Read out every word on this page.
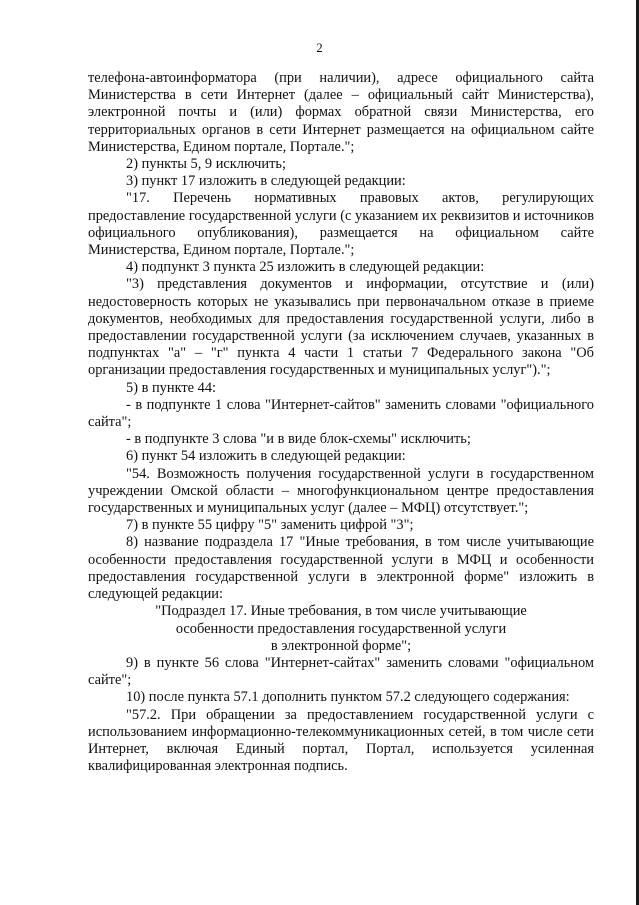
2

телефона-автоинформатора (при наличии), адресе официального сайта Министерства в сети Интернет (далее – официальный сайт Министерства), электронной почты и (или) формах обратной связи Министерства, его территориальных органов в сети Интернет размещается на официальном сайте Министерства, Едином портале, Портале.";

2) пункты 5, 9 исключить;

3) пункт 17 изложить в следующей редакции:

"17. Перечень нормативных правовых актов, регулирующих предоставление государственной услуги (с указанием их реквизитов и источников официального опубликования), размещается на официальном сайте Министерства, Едином портале, Портале.";

4) подпункт 3 пункта 25 изложить в следующей редакции:

"3) представления документов и информации, отсутствие и (или) недостоверность которых не указывались при первоначальном отказе в приеме документов, необходимых для предоставления государственной услуги, либо в предоставлении государственной услуги (за исключением случаев, указанных в подпунктах "а" – "г" пункта 4 части 1 статьи 7 Федерального закона "Об организации предоставления государственных и муниципальных услуг").";

5) в пункте 44:

- в подпункте 1 слова "Интернет-сайтов" заменить словами "официального сайта";

- в подпункте 3 слова "и в виде блок-схемы" исключить;

6) пункт 54 изложить в следующей редакции:

"54. Возможность получения государственной услуги в государственном учреждении Омской области – многофункциональном центре предоставления государственных и муниципальных услуг (далее – МФЦ) отсутствует.";

7) в пункте 55 цифру "5" заменить цифрой "3";

8) название подраздела 17 "Иные требования, в том числе учитывающие особенности предоставления государственной услуги в МФЦ и особенности предоставления государственной услуги в электронной форме" изложить в следующей редакции:

"Подраздел 17. Иные требования, в том числе учитывающие
особенности предоставления государственной услуги
в электронной форме";

9) в пункте 56 слова "Интернет-сайтах" заменить словами "официальном сайте";

10) после пункта 57.1 дополнить пунктом 57.2 следующего содержания:

"57.2. При обращении за предоставлением государственной услуги с использованием информационно-телекоммуникационных сетей, в том числе сети Интернет, включая Единый портал, Портал, используется усиленная квалифицированная электронная подпись.
